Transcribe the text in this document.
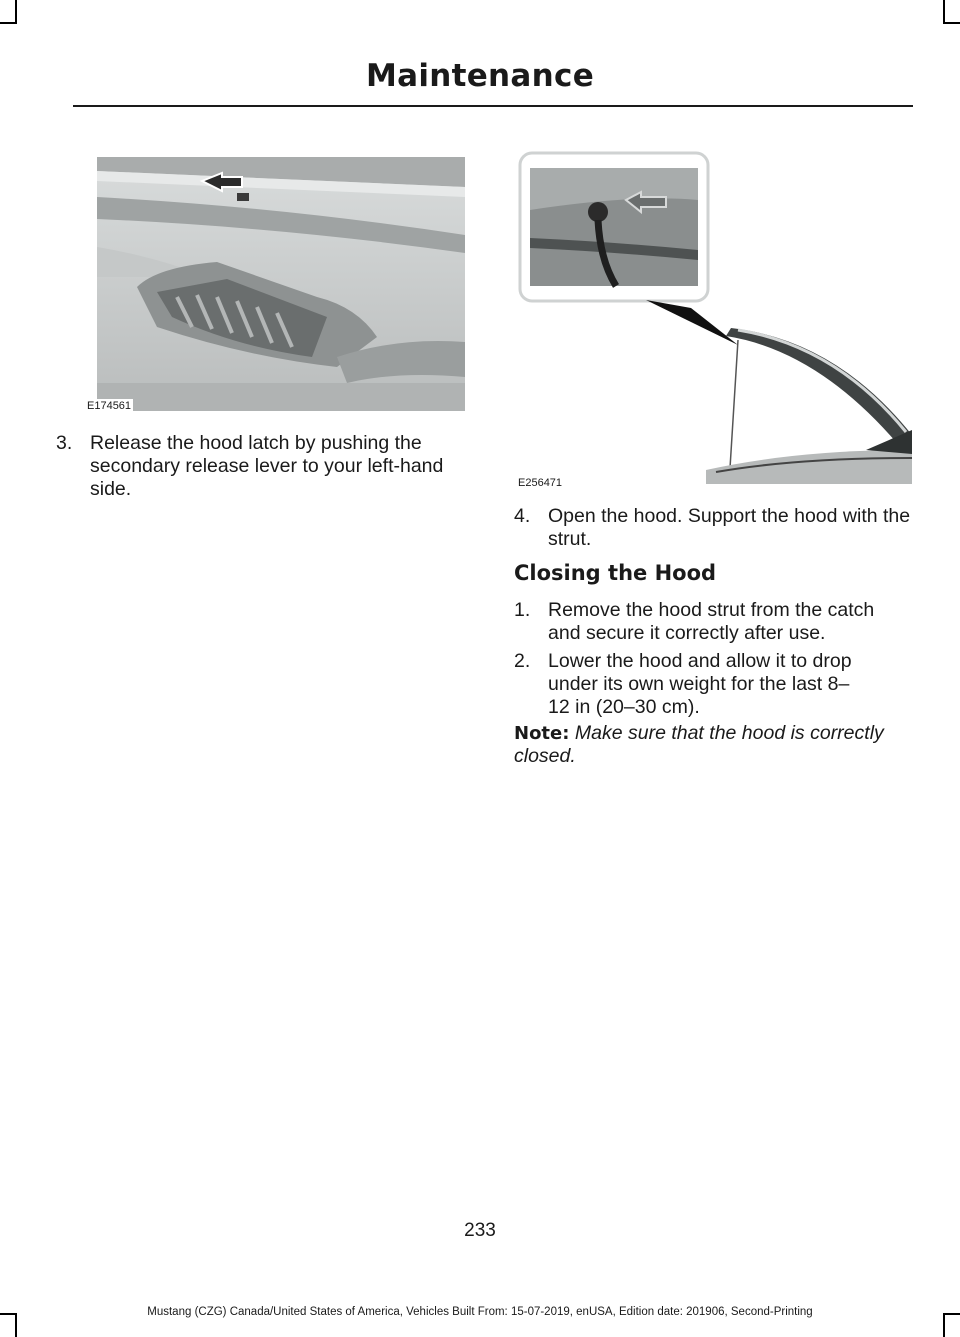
Maintenance
E174561
E256471
3. Release the hood latch by pushing the secondary release lever to your left-hand side.
4. Open the hood. Support the hood with the strut.
Closing the Hood
1. Remove the hood strut from the catch and secure it correctly after use.
2. Lower the hood and allow it to drop under its own weight for the last 8–12 in (20–30 cm).
Note: Make sure that the hood is correctly closed.
233
Mustang (CZG) Canada/United States of America, Vehicles Built From: 15-07-2019, enUSA, Edition date: 201906, Second-Printing
